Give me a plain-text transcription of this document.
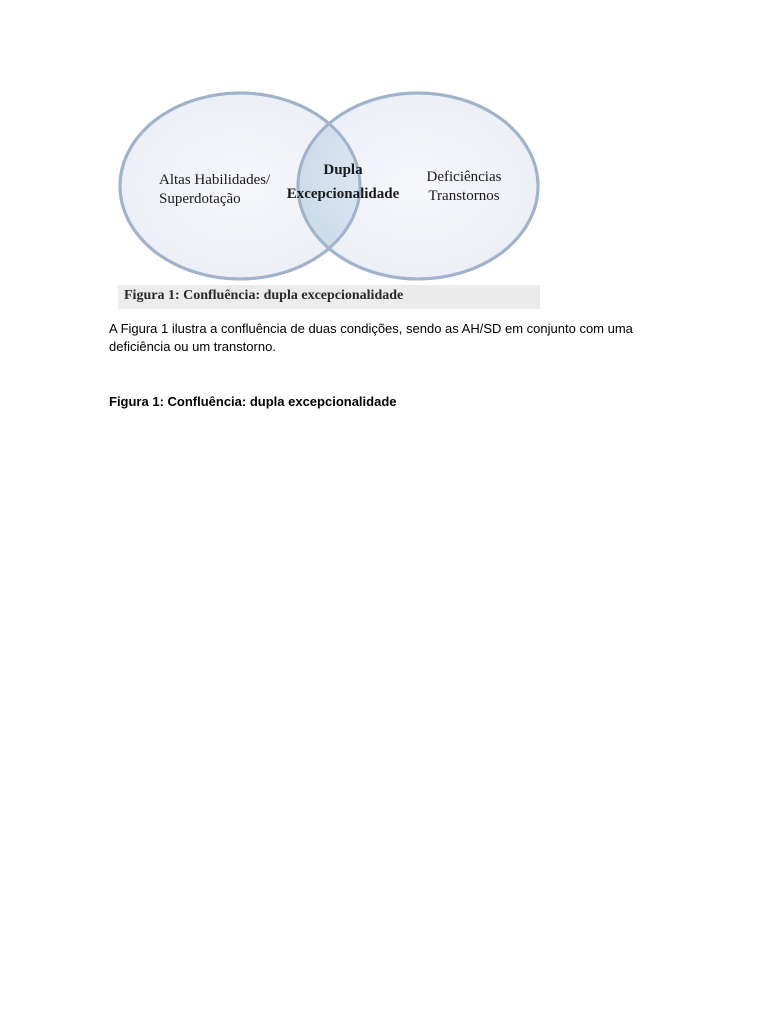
Altas Habilidades/
Superdotação
Dupla
Excepcionalidade
Deficiências
Transtornos
Figura 1: Confluência: dupla excepcionalidade

A Figura 1 ilustra a confluência de duas condições, sendo as AH/SD em conjunto com uma

deficiência ou um transtorno.

Figura 1: Confluência: dupla excepcionalidade
